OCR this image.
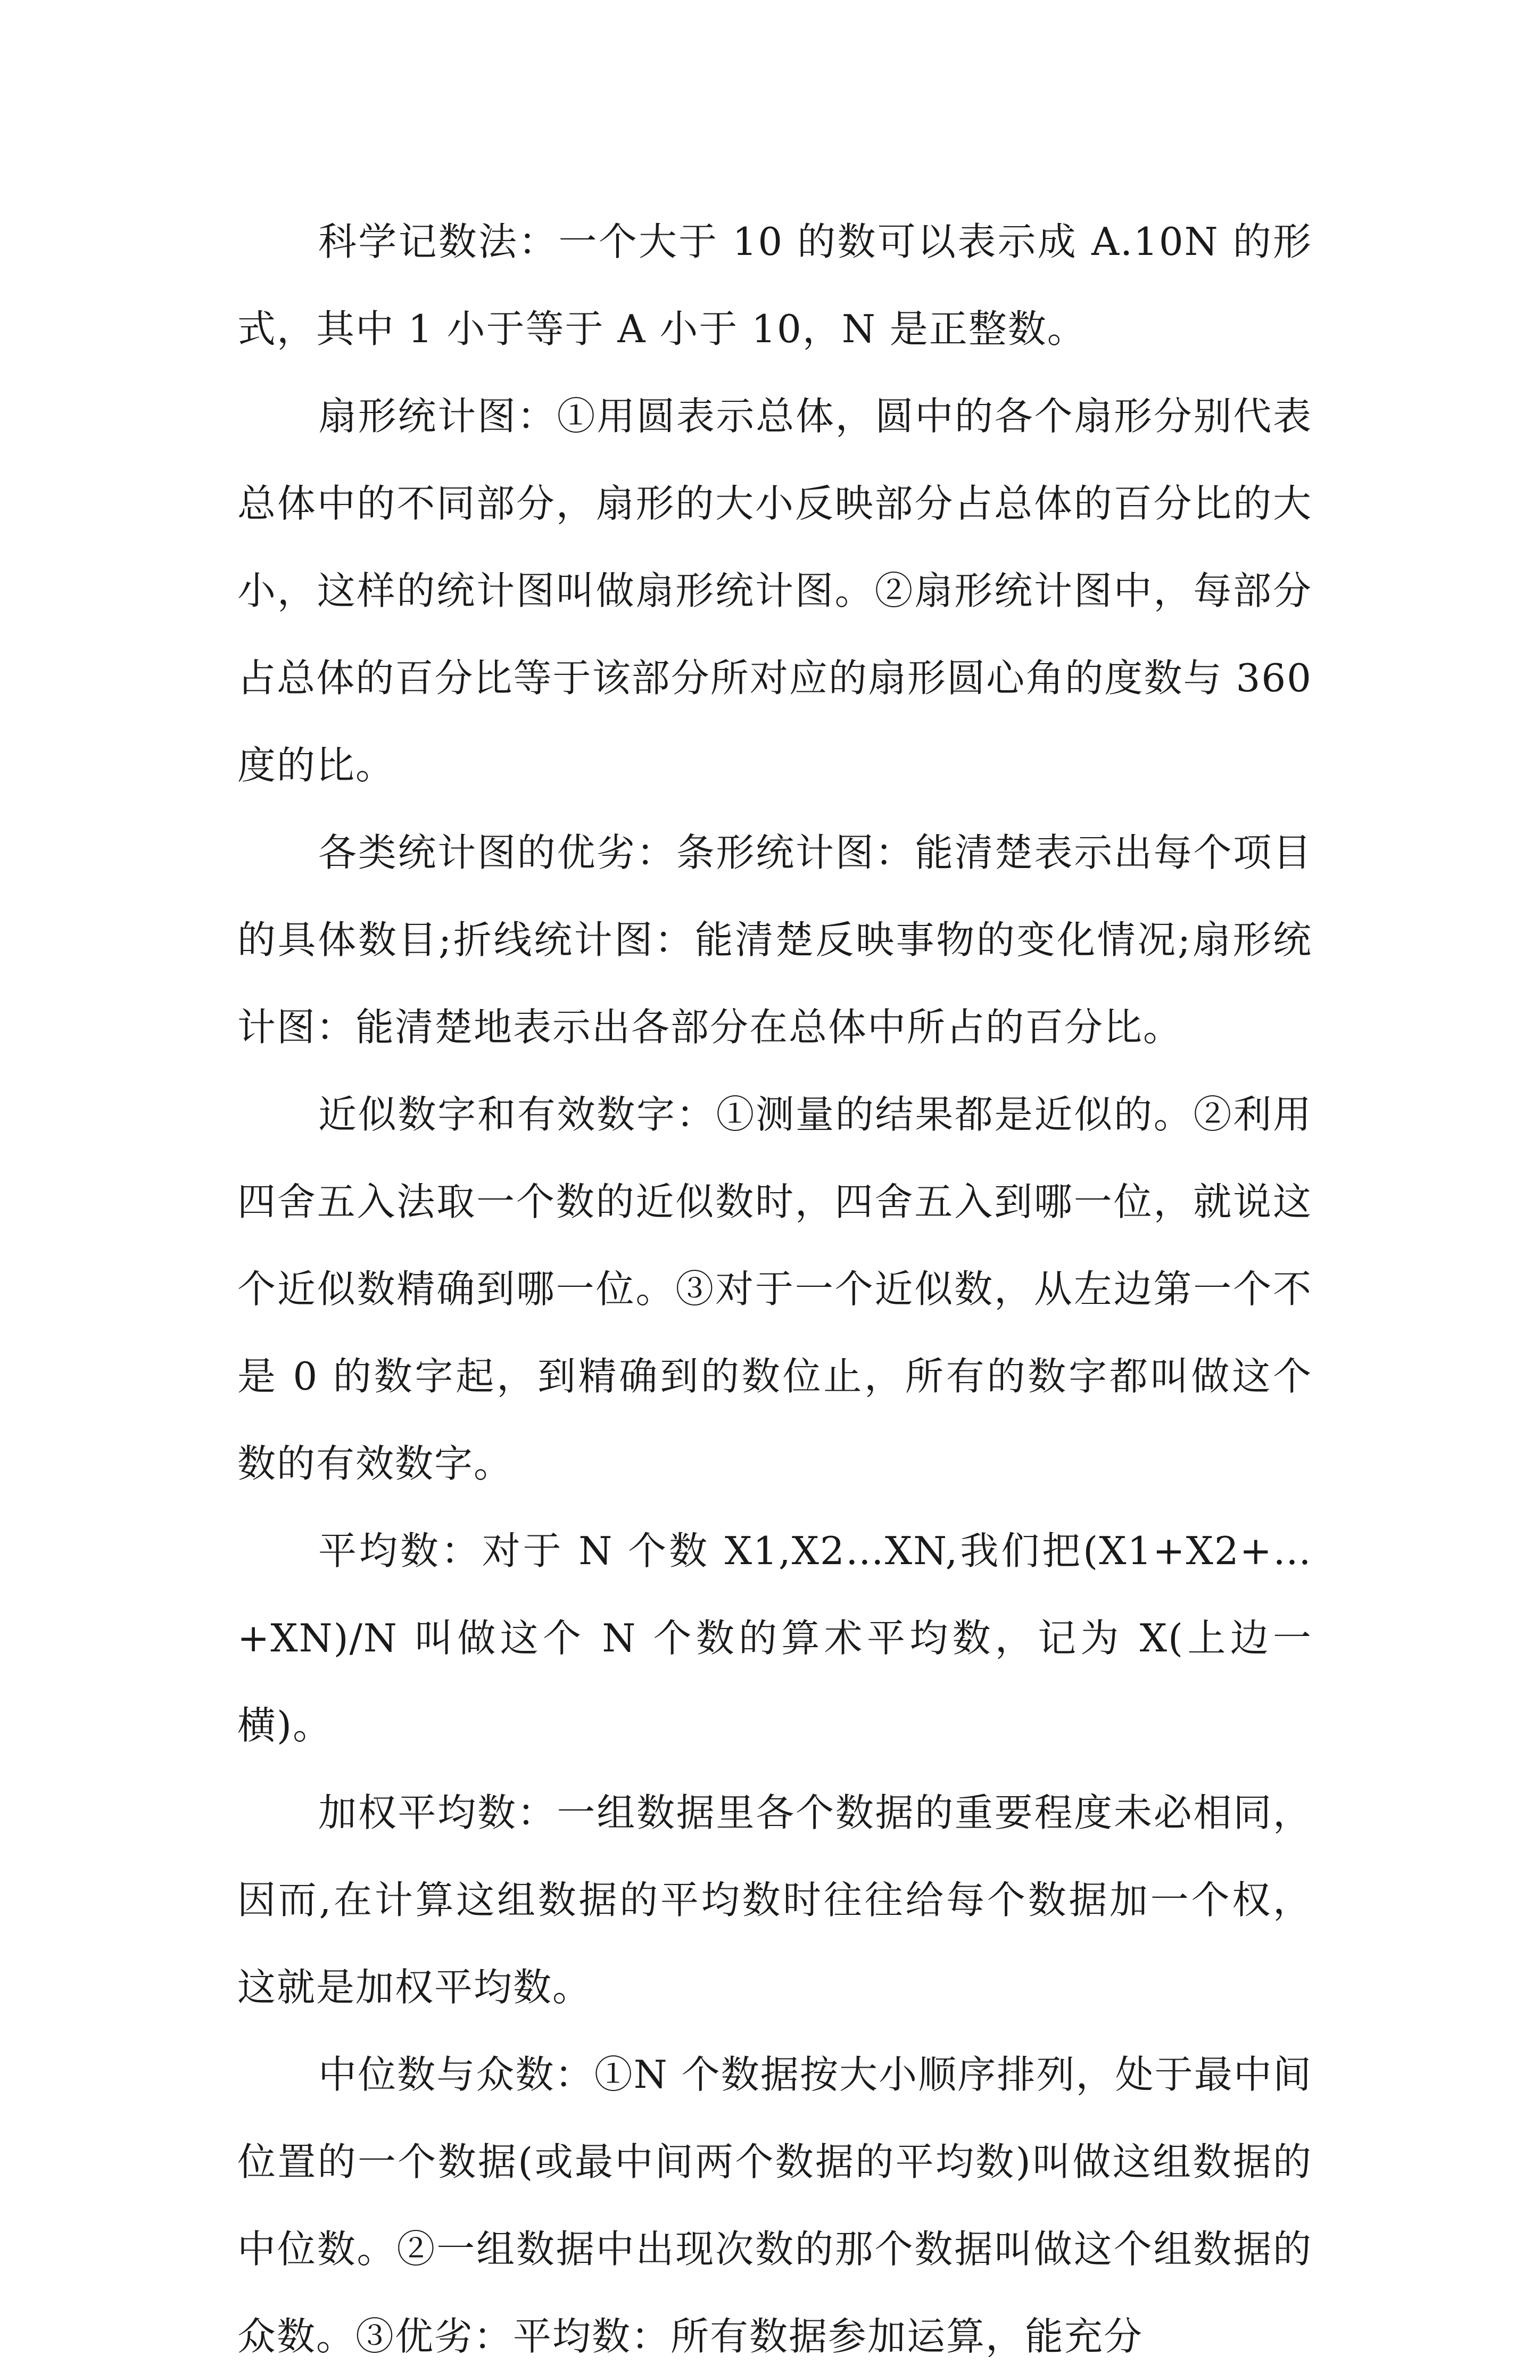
科学记数法：一个大于 10 的数可以表示成 A.10N 的形式，其中 1 小于等于 A 小于 10，N 是正整数。

扇形统计图：①用圆表示总体，圆中的各个扇形分别代表总体中的不同部分，扇形的大小反映部分占总体的百分比的大小，这样的统计图叫做扇形统计图。②扇形统计图中，每部分占总体的百分比等于该部分所对应的扇形圆心角的度数与 360 度的比。

各类统计图的优劣：条形统计图：能清楚表示出每个项目的具体数目;折线统计图：能清楚反映事物的变化情况;扇形统计图：能清楚地表示出各部分在总体中所占的百分比。

近似数字和有效数字：①测量的结果都是近似的。②利用四舍五入法取一个数的近似数时，四舍五入到哪一位，就说这个近似数精确到哪一位。③对于一个近似数，从左边第一个不是 0 的数字起，到精确到的数位止，所有的数字都叫做这个数的有效数字。

平均数：对于 N 个数 X1,X2…XN,我们把(X1+X2+…+XN)/N 叫做这个 N 个数的算术平均数，记为 X(上边一横)。

加权平均数：一组数据里各个数据的重要程度未必相同，因而,在计算这组数据的平均数时往往给每个数据加一个权，这就是加权平均数。

中位数与众数：①N 个数据按大小顺序排列，处于最中间位置的一个数据(或最中间两个数据的平均数)叫做这组数据的中位数。②一组数据中出现次数的那个数据叫做这个组数据的众数。③优劣：平均数：所有数据参加运算，能充分
